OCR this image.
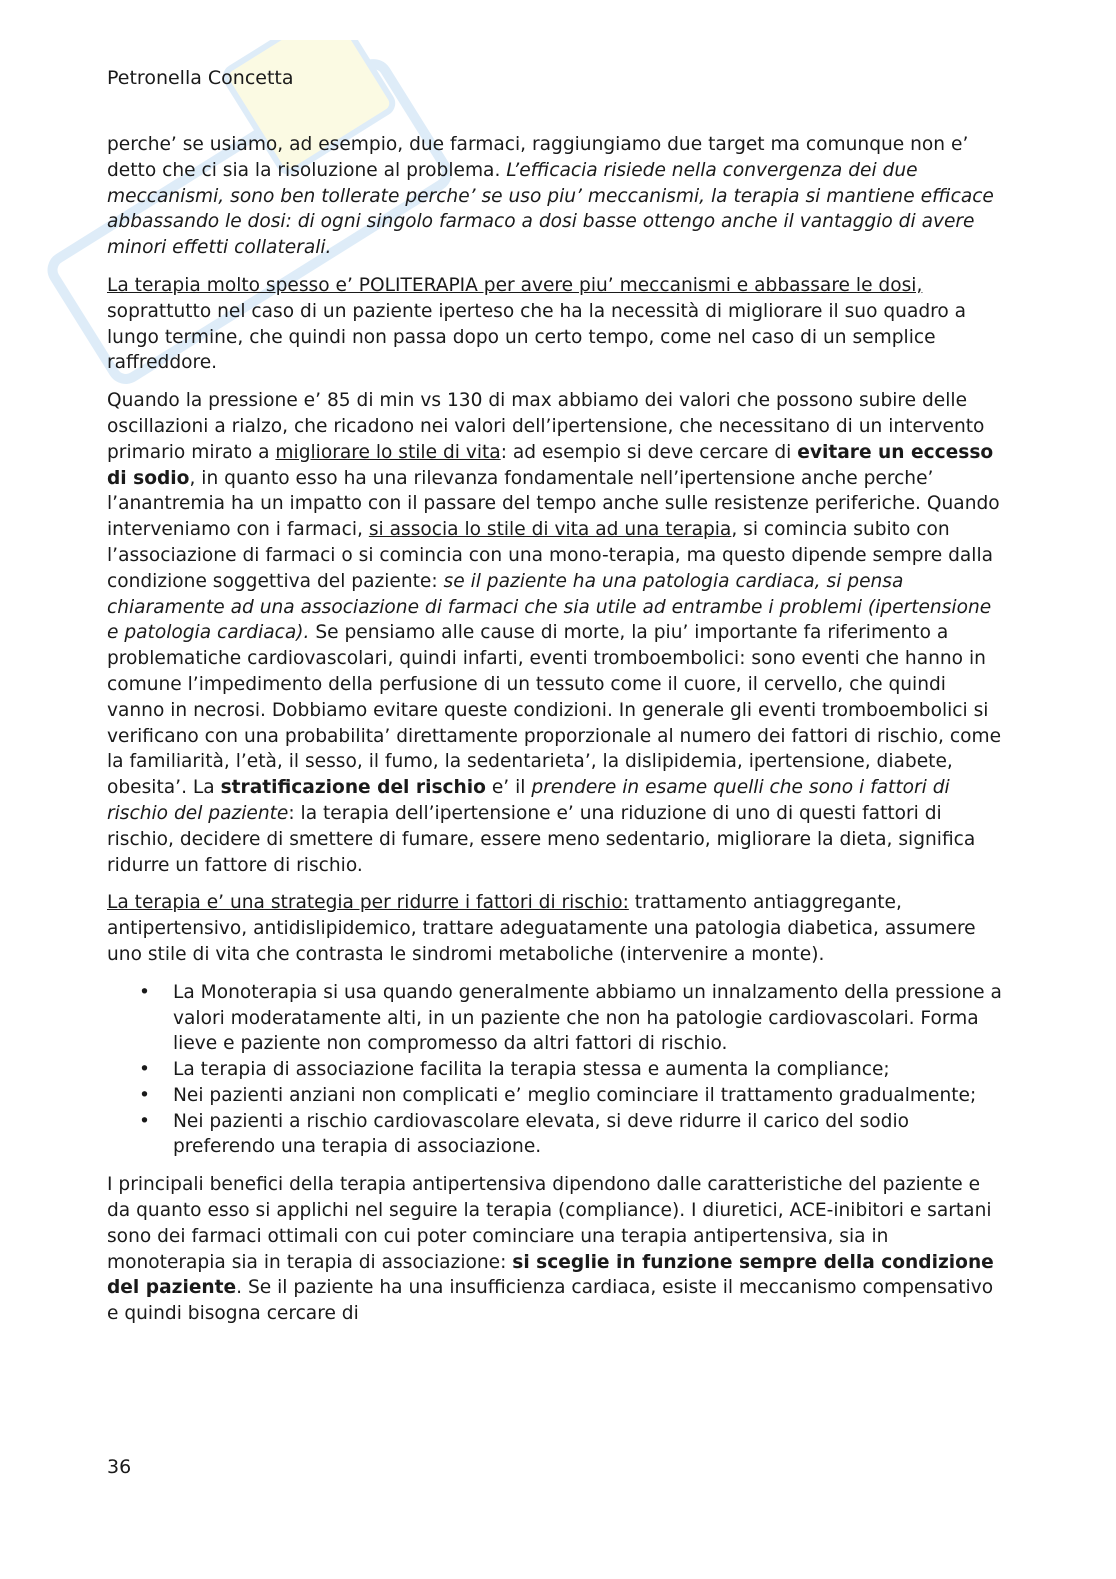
Petronella Concetta

perche’ se usiamo, ad esempio, due farmaci, raggiungiamo due target ma comunque non e’ detto che ci sia la risoluzione al problema. L’efficacia risiede nella convergenza dei due meccanismi, sono ben tollerate perche’ se uso piu’ meccanismi, la terapia si mantiene efficace abbassando le dosi: di ogni singolo farmaco a dosi basse ottengo anche il vantaggio di avere minori effetti collaterali.

La terapia molto spesso e’ POLITERAPIA per avere piu’ meccanismi e abbassare le dosi, soprattutto nel caso di un paziente iperteso che ha la necessità di migliorare il suo quadro a lungo termine, che quindi non passa dopo un certo tempo, come nel caso di un semplice raffreddore.

Quando la pressione e’ 85 di min vs 130 di max abbiamo dei valori che possono subire delle oscillazioni a rialzo, che ricadono nei valori dell’ipertensione, che necessitano di un intervento primario mirato a migliorare lo stile di vita: ad esempio si deve cercare di evitare un eccesso di sodio, in quanto esso ha una rilevanza fondamentale nell’ipertensione anche perche’ l’anantremia ha un impatto con il passare del tempo anche sulle resistenze periferiche. Quando interveniamo con i farmaci, si associa lo stile di vita ad una terapia, si comincia subito con l’associazione di farmaci o si comincia con una mono-terapia, ma questo dipende sempre dalla condizione soggettiva del paziente: se il paziente ha una patologia cardiaca, si pensa chiaramente ad una associazione di farmaci che sia utile ad entrambe i problemi (ipertensione e patologia cardiaca). Se pensiamo alle cause di morte, la piu’ importante fa riferimento a problematiche cardiovascolari, quindi infarti, eventi tromboembolici: sono eventi che hanno in comune l’impedimento della perfusione di un tessuto come il cuore, il cervello, che quindi vanno in necrosi. Dobbiamo evitare queste condizioni. In generale gli eventi tromboembolici si verificano con una probabilita’ direttamente proporzionale al numero dei fattori di rischio, come la familiarità, l’età, il sesso, il fumo, la sedentarieta’, la dislipidemia, ipertensione, diabete, obesita’. La stratificazione del rischio e’ il prendere in esame quelli che sono i fattori di rischio del paziente: la terapia dell’ipertensione e’ una riduzione di uno di questi fattori di rischio, decidere di smettere di fumare, essere meno sedentario, migliorare la dieta, significa ridurre un fattore di rischio.

La terapia e’ una strategia per ridurre i fattori di rischio: trattamento antiaggregante, antipertensivo, antidislipidemico, trattare adeguatamente una patologia diabetica, assumere uno stile di vita che contrasta le sindromi metaboliche (intervenire a monte).

• La Monoterapia si usa quando generalmente abbiamo un innalzamento della pressione a valori moderatamente alti, in un paziente che non ha patologie cardiovascolari. Forma lieve e paziente non compromesso da altri fattori di rischio.
• La terapia di associazione facilita la terapia stessa e aumenta la compliance;
• Nei pazienti anziani non complicati e’ meglio cominciare il trattamento gradualmente;
• Nei pazienti a rischio cardiovascolare elevata, si deve ridurre il carico del sodio preferendo una terapia di associazione.

I principali benefici della terapia antipertensiva dipendono dalle caratteristiche del paziente e da quanto esso si applichi nel seguire la terapia (compliance). I diuretici, ACE-inibitori e sartani sono dei farmaci ottimali con cui poter cominciare una terapia antipertensiva, sia in monoterapia sia in terapia di associazione: si sceglie in funzione sempre della condizione del paziente. Se il paziente ha una insufficienza cardiaca, esiste il meccanismo compensativo e quindi bisogna cercare di

36
